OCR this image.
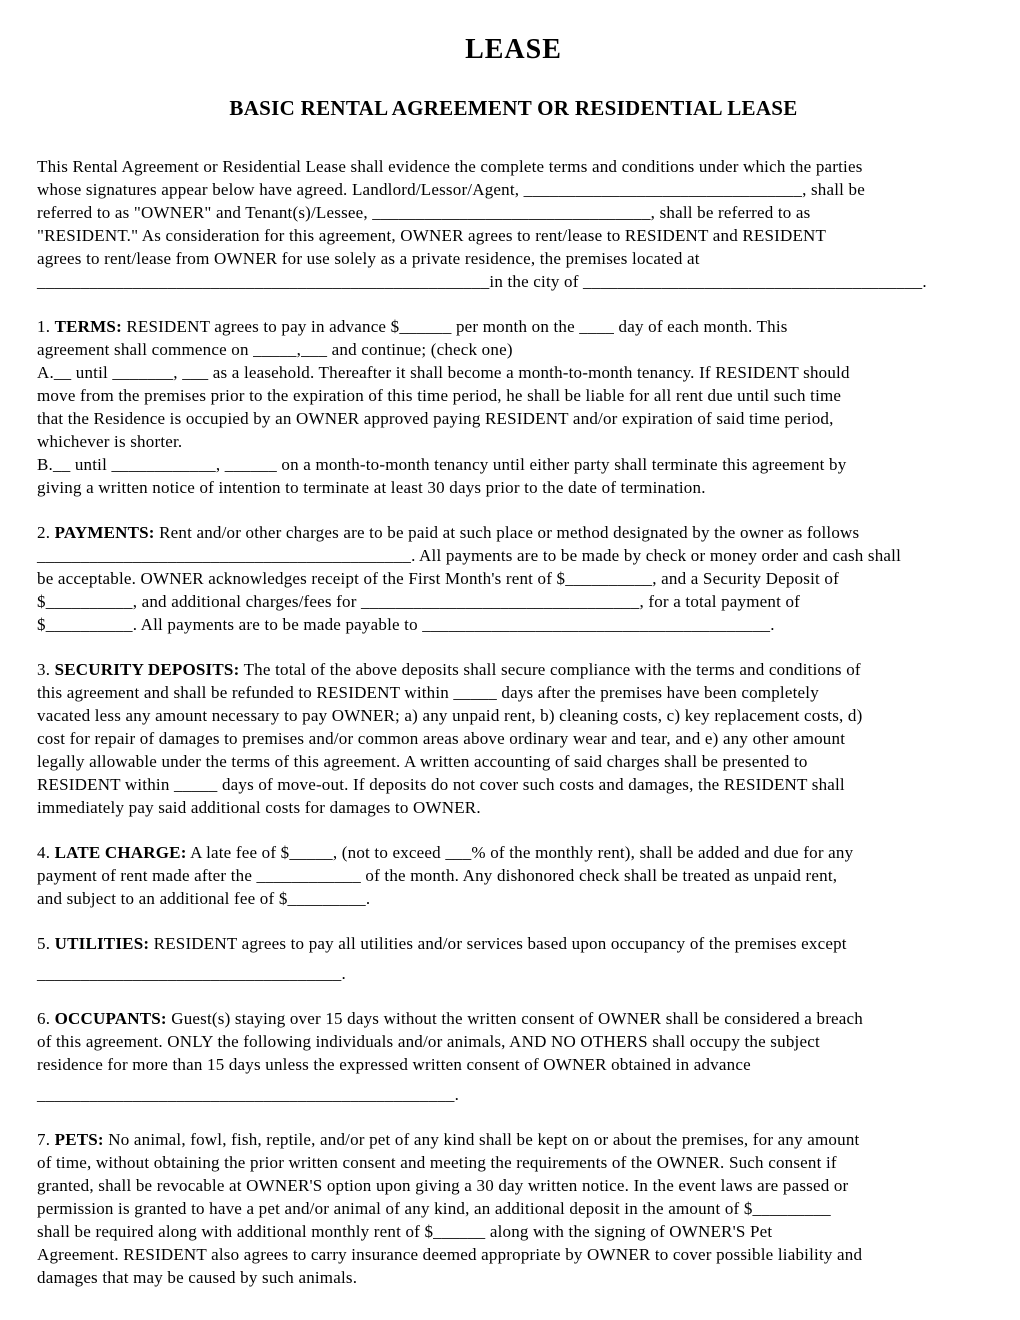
LEASE
BASIC RENTAL AGREEMENT OR RESIDENTIAL LEASE
This Rental Agreement or Residential Lease shall evidence the complete terms and conditions under which the parties
whose signatures appear below have agreed. Landlord/Lessor/Agent, ________________________________, shall be
referred to as "OWNER" and Tenant(s)/Lessee, ________________________________, shall be referred to as
"RESIDENT." As consideration for this agreement, OWNER agrees to rent/lease to RESIDENT and RESIDENT
agrees to rent/lease from OWNER for use solely as a private residence, the premises located at
____________________________________________________in the city of _______________________________________.
1. TERMS: RESIDENT agrees to pay in advance $______ per month on the ____ day of each month. This
agreement shall commence on _____,___ and continue; (check one)
A.__ until _______, ___ as a leasehold. Thereafter it shall become a month-to-month tenancy. If RESIDENT should
move from the premises prior to the expiration of this time period, he shall be liable for all rent due until such time
that the Residence is occupied by an OWNER approved paying RESIDENT and/or expiration of said time period,
whichever is shorter.
B.__ until ____________, ______ on a month-to-month tenancy until either party shall terminate this agreement by
giving a written notice of intention to terminate at least 30 days prior to the date of termination.
2. PAYMENTS: Rent and/or other charges are to be paid at such place or method designated by the owner as follows
___________________________________________. All payments are to be made by check or money order and cash shall
be acceptable. OWNER acknowledges receipt of the First Month's rent of $__________, and a Security Deposit of
$__________, and additional charges/fees for ________________________________, for a total payment of
$__________. All payments are to be made payable to ________________________________________.
3. SECURITY DEPOSITS: The total of the above deposits shall secure compliance with the terms and conditions of
this agreement and shall be refunded to RESIDENT within _____ days after the premises have been completely
vacated less any amount necessary to pay OWNER; a) any unpaid rent, b) cleaning costs, c) key replacement costs, d)
cost for repair of damages to premises and/or common areas above ordinary wear and tear, and e) any other amount
legally allowable under the terms of this agreement. A written accounting of said charges shall be presented to
RESIDENT within _____ days of move-out. If deposits do not cover such costs and damages, the RESIDENT shall
immediately pay said additional costs for damages to OWNER.
4. LATE CHARGE: A late fee of $_____, (not to exceed ___% of the monthly rent), shall be added and due for any
payment of rent made after the ____________ of the month. Any dishonored check shall be treated as unpaid rent,
and subject to an additional fee of $_________.
5. UTILITIES: RESIDENT agrees to pay all utilities and/or services based upon occupancy of the premises except
___________________________________.
6. OCCUPANTS: Guest(s) staying over 15 days without the written consent of OWNER shall be considered a breach
of this agreement. ONLY the following individuals and/or animals, AND NO OTHERS shall occupy the subject
residence for more than 15 days unless the expressed written consent of OWNER obtained in advance
________________________________________________.
7. PETS: No animal, fowl, fish, reptile, and/or pet of any kind shall be kept on or about the premises, for any amount
of time, without obtaining the prior written consent and meeting the requirements of the OWNER. Such consent if
granted, shall be revocable at OWNER'S option upon giving a 30 day written notice. In the event laws are passed or
permission is granted to have a pet and/or animal of any kind, an additional deposit in the amount of $_________
shall be required along with additional monthly rent of $______ along with the signing of OWNER'S Pet
Agreement. RESIDENT also agrees to carry insurance deemed appropriate by OWNER to cover possible liability and
damages that may be caused by such animals.
